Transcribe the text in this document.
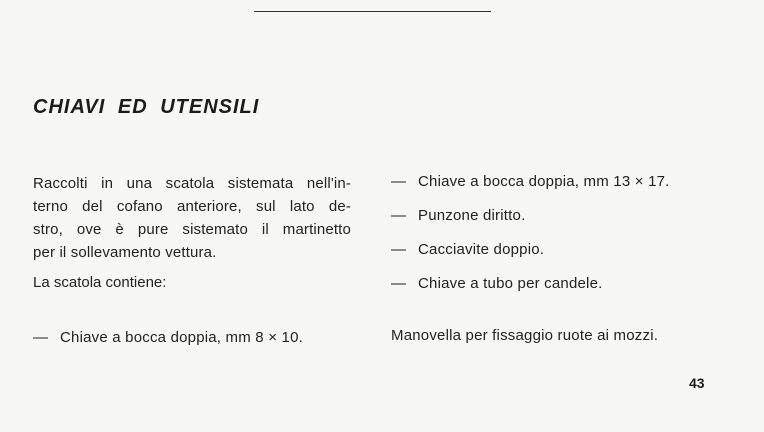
CHIAVI ED UTENSILI
Raccolti in una scatola sistemata nell'in-
terno del cofano anteriore, sul lato de-
stro, ove è pure sistemato il martinetto
per il sollevamento vettura.
La scatola contiene:
— Chiave a bocca doppia, mm 8 × 10.
— Chiave a bocca doppia, mm 13 × 17.
— Punzone diritto.
— Cacciavite doppio.
— Chiave a tubo per candele.
Manovella per fissaggio ruote ai mozzi.
43
